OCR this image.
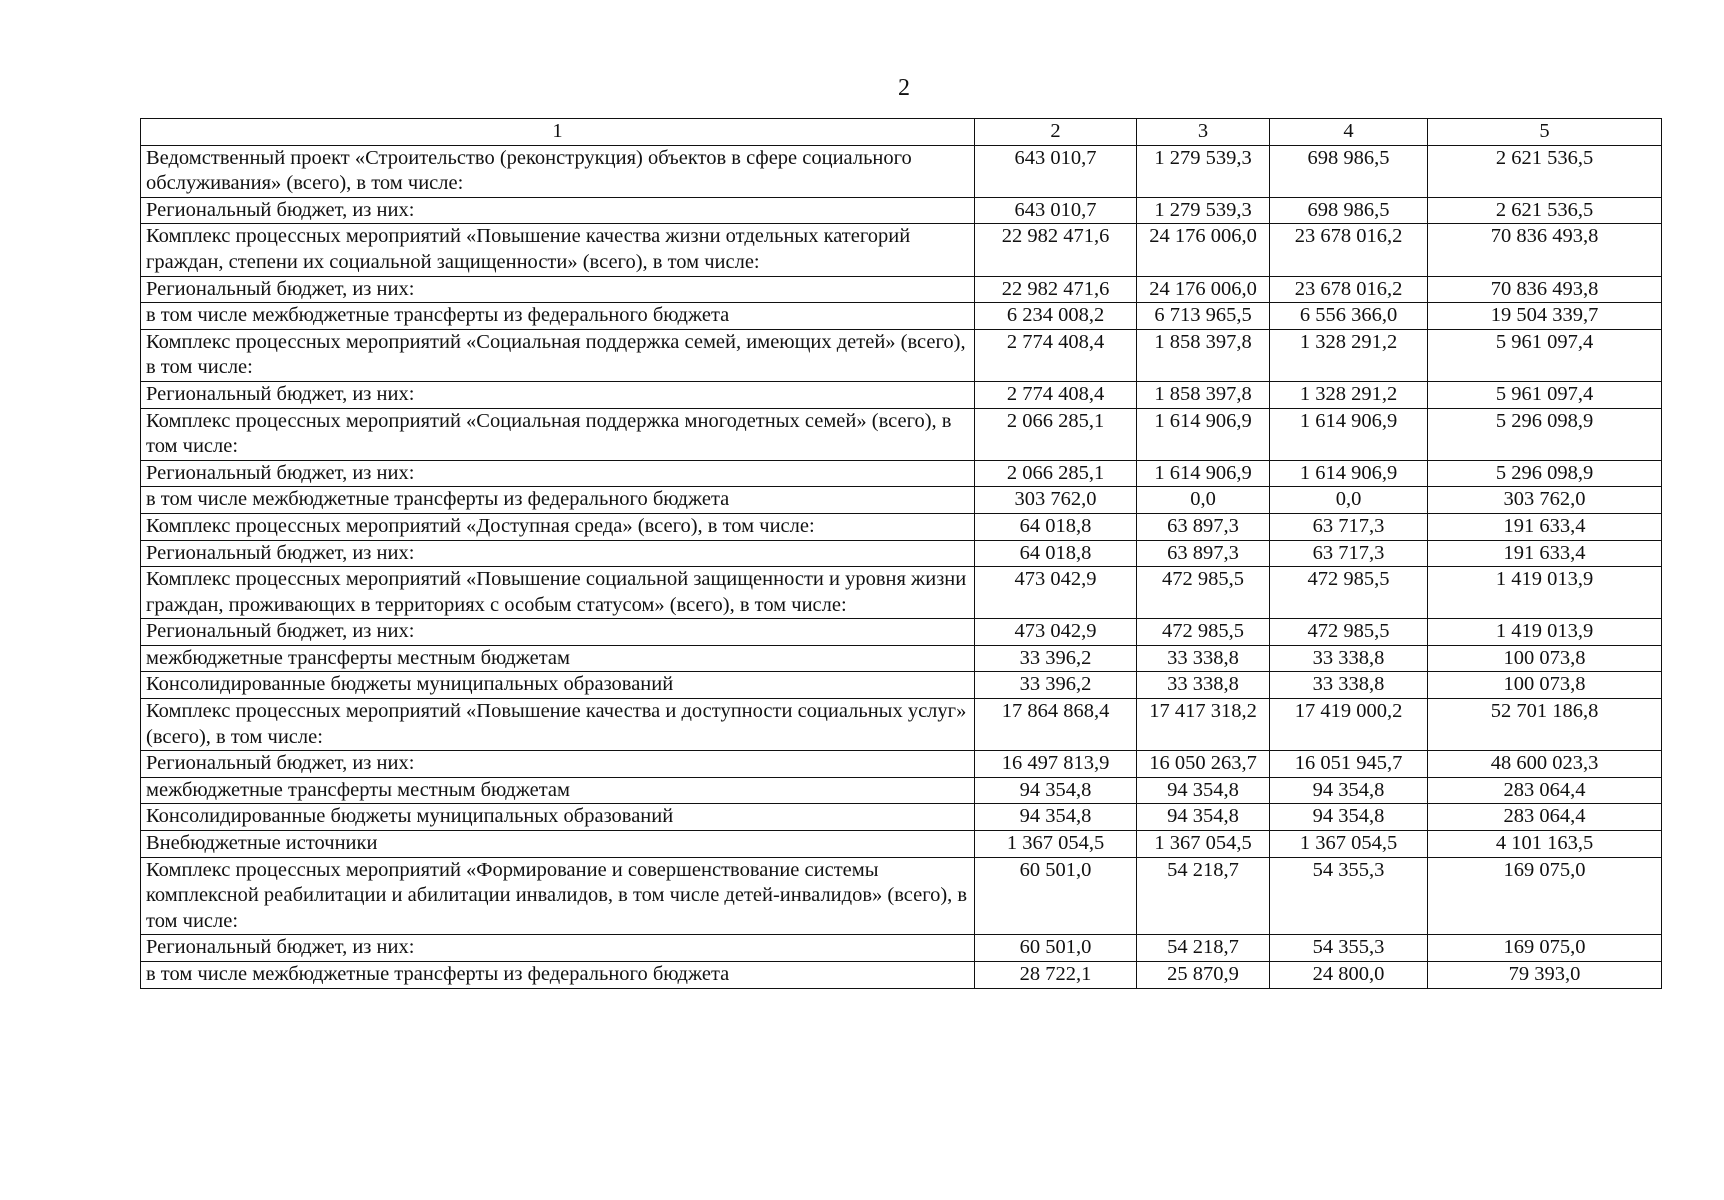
2
1	2	3	4	5
Ведомственный проект «Строительство (реконструкция) объектов в сфере социального обслуживания» (всего), в том числе:	643 010,7	1 279 539,3	698 986,5	2 621 536,5
Региональный бюджет, из них:	643 010,7	1 279 539,3	698 986,5	2 621 536,5
Комплекс процессных мероприятий «Повышение качества жизни отдельных категорий граждан, степени их социальной защищенности» (всего), в том числе:	22 982 471,6	24 176 006,0	23 678 016,2	70 836 493,8
Региональный бюджет, из них:	22 982 471,6	24 176 006,0	23 678 016,2	70 836 493,8
в том числе межбюджетные трансферты из федерального бюджета	6 234 008,2	6 713 965,5	6 556 366,0	19 504 339,7
Комплекс процессных мероприятий «Социальная поддержка семей, имеющих детей» (всего), в том числе:	2 774 408,4	1 858 397,8	1 328 291,2	5 961 097,4
Региональный бюджет, из них:	2 774 408,4	1 858 397,8	1 328 291,2	5 961 097,4
Комплекс процессных мероприятий «Социальная поддержка многодетных семей» (всего), в том числе:	2 066 285,1	1 614 906,9	1 614 906,9	5 296 098,9
Региональный бюджет, из них:	2 066 285,1	1 614 906,9	1 614 906,9	5 296 098,9
в том числе межбюджетные трансферты из федерального бюджета	303 762,0	0,0	0,0	303 762,0
Комплекс процессных мероприятий «Доступная среда» (всего), в том числе:	64 018,8	63 897,3	63 717,3	191 633,4
Региональный бюджет, из них:	64 018,8	63 897,3	63 717,3	191 633,4
Комплекс процессных мероприятий «Повышение социальной защищенности и уровня жизни граждан, проживающих в территориях с особым статусом» (всего), в том числе:	473 042,9	472 985,5	472 985,5	1 419 013,9
Региональный бюджет, из них:	473 042,9	472 985,5	472 985,5	1 419 013,9
межбюджетные трансферты местным бюджетам	33 396,2	33 338,8	33 338,8	100 073,8
Консолидированные бюджеты муниципальных образований	33 396,2	33 338,8	33 338,8	100 073,8
Комплекс процессных мероприятий «Повышение качества и доступности социальных услуг» (всего), в том числе:	17 864 868,4	17 417 318,2	17 419 000,2	52 701 186,8
Региональный бюджет, из них:	16 497 813,9	16 050 263,7	16 051 945,7	48 600 023,3
межбюджетные трансферты местным бюджетам	94 354,8	94 354,8	94 354,8	283 064,4
Консолидированные бюджеты муниципальных образований	94 354,8	94 354,8	94 354,8	283 064,4
Внебюджетные источники	1 367 054,5	1 367 054,5	1 367 054,5	4 101 163,5
Комплекс процессных мероприятий «Формирование и совершенствование системы комплексной реабилитации и абилитации инвалидов, в том числе детей-инвалидов» (всего), в том числе:	60 501,0	54 218,7	54 355,3	169 075,0
Региональный бюджет, из них:	60 501,0	54 218,7	54 355,3	169 075,0
в том числе межбюджетные трансферты из федерального бюджета	28 722,1	25 870,9	24 800,0	79 393,0
